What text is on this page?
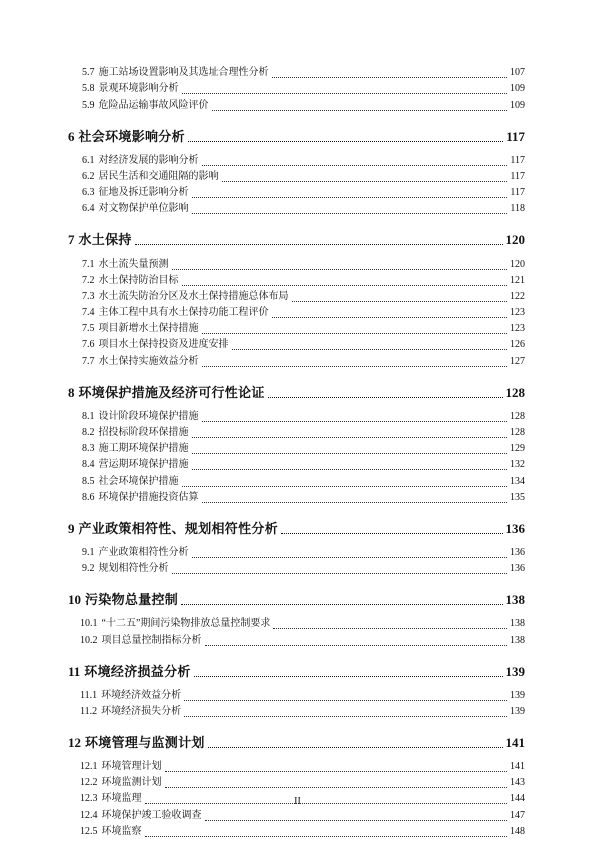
5.7 施工站场设置影响及其选址合理性分析	107
5.8 景观环境影响分析	109
5.9 危险品运输事故风险评价	109
6 社会环境影响分析	117
6.1 对经济发展的影响分析	117
6.2 居民生活和交通阻隔的影响	117
6.3 征地及拆迁影响分析	117
6.4 对文物保护单位影响	118
7 水土保持	120
7.1 水土流失量预测	120
7.2 水土保持防治目标	121
7.3 水土流失防治分区及水土保持措施总体布局	122
7.4 主体工程中具有水土保持功能工程评价	123
7.5 项目新增水土保持措施	123
7.6 项目水土保持投资及进度安排	126
7.7 水土保持实施效益分析	127
8 环境保护措施及经济可行性论证	128
8.1 设计阶段环境保护措施	128
8.2 招投标阶段环保措施	128
8.3 施工期环境保护措施	129
8.4 营运期环境保护措施	132
8.5 社会环境保护措施	134
8.6 环境保护措施投资估算	135
9 产业政策相符性、规划相符性分析	136
9.1 产业政策相符性分析	136
9.2 规划相符性分析	136
10 污染物总量控制	138
10.1 “十二五”期间污染物排放总量控制要求	138
10.2 项目总量控制指标分析	138
11 环境经济损益分析	139
11.1 环境经济效益分析	139
11.2 环境经济损失分析	139
12 环境管理与监测计划	141
12.1 环境管理计划	141
12.2 环境监测计划	143
12.3 环境监理	144
12.4 环境保护竣工验收调查	147
12.5 环境监察	148
II
